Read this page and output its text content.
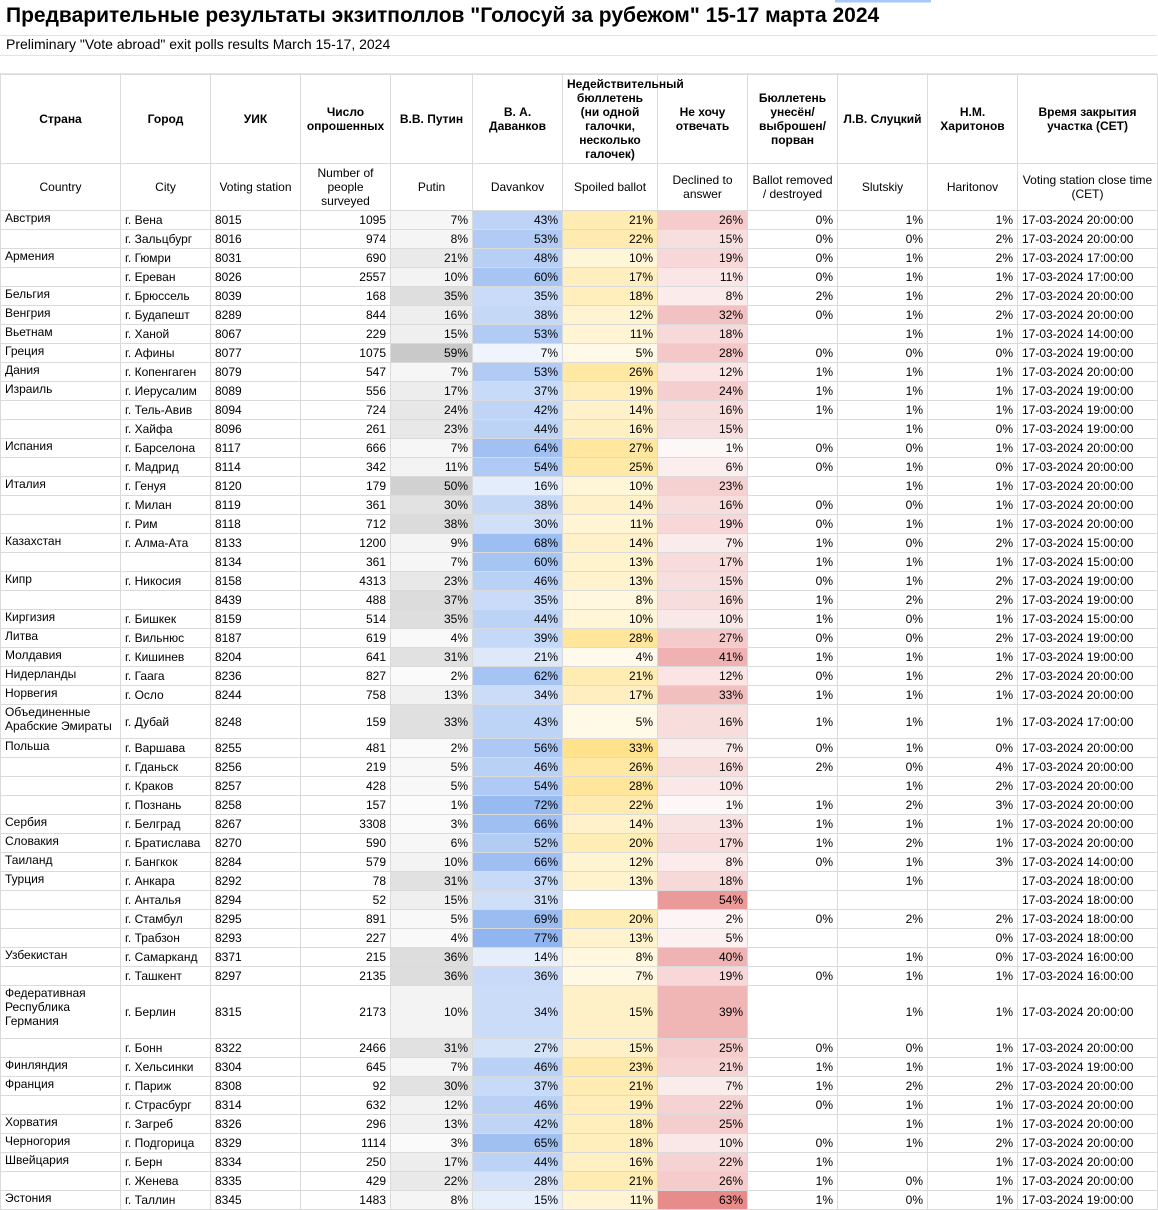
Предварительные результаты экзитполлов "Голосуй за рубежом" 15-17 марта 2024
Preliminary "Vote abroad" exit polls results March 15-17, 2024
Страна	Город	УИК	Число опрошенных	В.В. Путин	В. А. Даванков	Недействительный бюллетень (ни одной галочки, несколько галочек)	Не хочу отвечать	Бюллетень унесён/выброшен/порван	Л.В. Слуцкий	Н.М. Харитонов	Время закрытия участка (CET)
Country	City	Voting station	Number of people surveyed	Putin	Davankov	Spoiled ballot	Declined to answer	Ballot removed / destroyed	Slutskiy	Haritonov	Voting station close time (CET)
Австрия	г. Вена	8015	1095	7%	43%	21%	26%	0%	1%	1%	17-03-2024 20:00:00
	г. Зальцбург	8016	974	8%	53%	22%	15%	0%	0%	2%	17-03-2024 20:00:00
Армения	г. Гюмри	8031	690	21%	48%	10%	19%	0%	1%	2%	17-03-2024 17:00:00
	г. Ереван	8026	2557	10%	60%	17%	11%	0%	1%	1%	17-03-2024 17:00:00
Бельгия	г. Брюссель	8039	168	35%	35%	18%	8%	2%	1%	2%	17-03-2024 20:00:00
Венгрия	г. Будапешт	8289	844	16%	38%	12%	32%	0%	1%	2%	17-03-2024 20:00:00
Вьетнам	г. Ханой	8067	229	15%	53%	11%	18%		1%	1%	17-03-2024 14:00:00
Греция	г. Афины	8077	1075	59%	7%	5%	28%	0%	0%	0%	17-03-2024 19:00:00
Дания	г. Копенгаген	8079	547	7%	53%	26%	12%	1%	1%	1%	17-03-2024 20:00:00
Израиль	г. Иерусалим	8089	556	17%	37%	19%	24%	1%	1%	1%	17-03-2024 19:00:00
	г. Тель-Авив	8094	724	24%	42%	14%	16%	1%	1%	1%	17-03-2024 19:00:00
	г. Хайфа	8096	261	23%	44%	16%	15%		1%	0%	17-03-2024 19:00:00
Испания	г. Барселона	8117	666	7%	64%	27%	1%	0%	0%	1%	17-03-2024 20:00:00
	г. Мадрид	8114	342	11%	54%	25%	6%	0%	1%	0%	17-03-2024 20:00:00
Италия	г. Генуя	8120	179	50%	16%	10%	23%		1%	1%	17-03-2024 20:00:00
	г. Милан	8119	361	30%	38%	14%	16%	0%	0%	1%	17-03-2024 20:00:00
	г. Рим	8118	712	38%	30%	11%	19%	0%	1%	1%	17-03-2024 20:00:00
Казахстан	г. Алма-Ата	8133	1200	9%	68%	14%	7%	1%	0%	2%	17-03-2024 15:00:00
		8134	361	7%	60%	13%	17%	1%	1%	1%	17-03-2024 15:00:00
Кипр	г. Никосия	8158	4313	23%	46%	13%	15%	0%	1%	2%	17-03-2024 19:00:00
		8439	488	37%	35%	8%	16%	1%	2%	2%	17-03-2024 19:00:00
Киргизия	г. Бишкек	8159	514	35%	44%	10%	10%	1%	0%	1%	17-03-2024 15:00:00
Литва	г. Вильнюс	8187	619	4%	39%	28%	27%	0%	0%	2%	17-03-2024 19:00:00
Молдавия	г. Кишинев	8204	641	31%	21%	4%	41%	1%	1%	1%	17-03-2024 19:00:00
Нидерланды	г. Гаага	8236	827	2%	62%	21%	12%	0%	1%	2%	17-03-2024 20:00:00
Норвегия	г. Осло	8244	758	13%	34%	17%	33%	1%	1%	1%	17-03-2024 20:00:00
Объединенные Арабские Эмираты	г. Дубай	8248	159	33%	43%	5%	16%	1%	1%	1%	17-03-2024 17:00:00
Польша	г. Варшава	8255	481	2%	56%	33%	7%	0%	1%	0%	17-03-2024 20:00:00
	г. Гданьск	8256	219	5%	46%	26%	16%	2%	0%	4%	17-03-2024 20:00:00
	г. Краков	8257	428	5%	54%	28%	10%		1%	2%	17-03-2024 20:00:00
	г. Познань	8258	157	1%	72%	22%	1%	1%	2%	3%	17-03-2024 20:00:00
Сербия	г. Белград	8267	3308	3%	66%	14%	13%	1%	1%	1%	17-03-2024 20:00:00
Словакия	г. Братислава	8270	590	6%	52%	20%	17%	1%	2%	1%	17-03-2024 20:00:00
Таиланд	г. Бангкок	8284	579	10%	66%	12%	8%	0%	1%	3%	17-03-2024 14:00:00
Турция	г. Анкара	8292	78	31%	37%	13%	18%		1%		17-03-2024 18:00:00
	г. Анталья	8294	52	15%	31%		54%				17-03-2024 18:00:00
	г. Стамбул	8295	891	5%	69%	20%	2%	0%	2%	2%	17-03-2024 18:00:00
	г. Трабзон	8293	227	4%	77%	13%	5%			0%	17-03-2024 18:00:00
Узбекистан	г. Самарканд	8371	215	36%	14%	8%	40%		1%	0%	17-03-2024 16:00:00
	г. Ташкент	8297	2135	36%	36%	7%	19%	0%	1%	1%	17-03-2024 16:00:00
Федеративная Республика Германия	г. Берлин	8315	2173	10%	34%	15%	39%		1%	1%	17-03-2024 20:00:00
	г. Бонн	8322	2466	31%	27%	15%	25%	0%	0%	1%	17-03-2024 20:00:00
Финляндия	г. Хельсинки	8304	645	7%	46%	23%	21%	1%	1%	1%	17-03-2024 19:00:00
Франция	г. Париж	8308	92	30%	37%	21%	7%	1%	2%	2%	17-03-2024 20:00:00
	г. Страсбург	8314	632	12%	46%	19%	22%	0%	1%	1%	17-03-2024 20:00:00
Хорватия	г. Загреб	8326	296	13%	42%	18%	25%		1%	1%	17-03-2024 20:00:00
Черногория	г. Подгорица	8329	1114	3%	65%	18%	10%	0%	1%	2%	17-03-2024 20:00:00
Швейцария	г. Берн	8334	250	17%	44%	16%	22%	1%		1%	17-03-2024 20:00:00
	г. Женева	8335	429	22%	28%	21%	26%	1%	0%	1%	17-03-2024 20:00:00
Эстония	г. Таллин	8345	1483	8%	15%	11%	63%	1%	0%	1%	17-03-2024 19:00:00
